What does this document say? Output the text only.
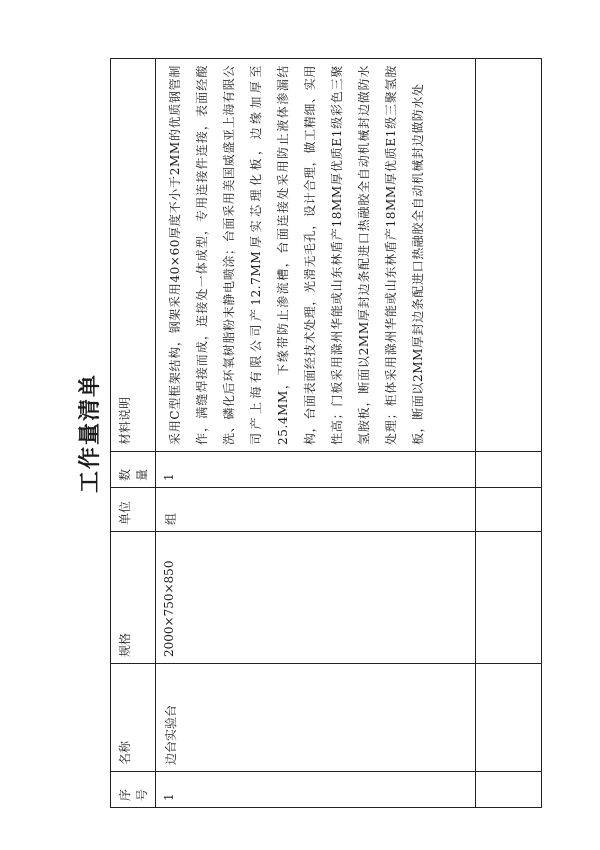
工作量清单
序号	名称	规格	单位	数量	材料说明
1	边台实验台	2000×750×850	组	1	采用C型框架结构，钢架采用40×60厚度不小于2MM的优质钢管制作，满缝焊接而成，连接处一体成型，专用连接件连接，表面经酸洗、磷化后环氧树脂粉末静电喷涂；台面采用美国威盛亚上海有限公司产上海有限公司产12.7MM厚实芯理化板，边缘加厚至25.4MM，下缘带防止渗流槽，台面连接处采用防止液体渗漏结构，台面表面经技术处理，光滑无毛孔，设计合理，做工精细、实用性高；门板采用滁州华能或山东林盾产18MM厚优质E1级彩色三聚氢胺板，断面以2MM厚封边条配进口热融胶全自动机械封边做防水处理；柜体采用滁州华能或山东林盾产18MM厚优质E1级三聚氢胺板，断面以2MM厚封边条配进口热融胶全自动机械封边做防水处
